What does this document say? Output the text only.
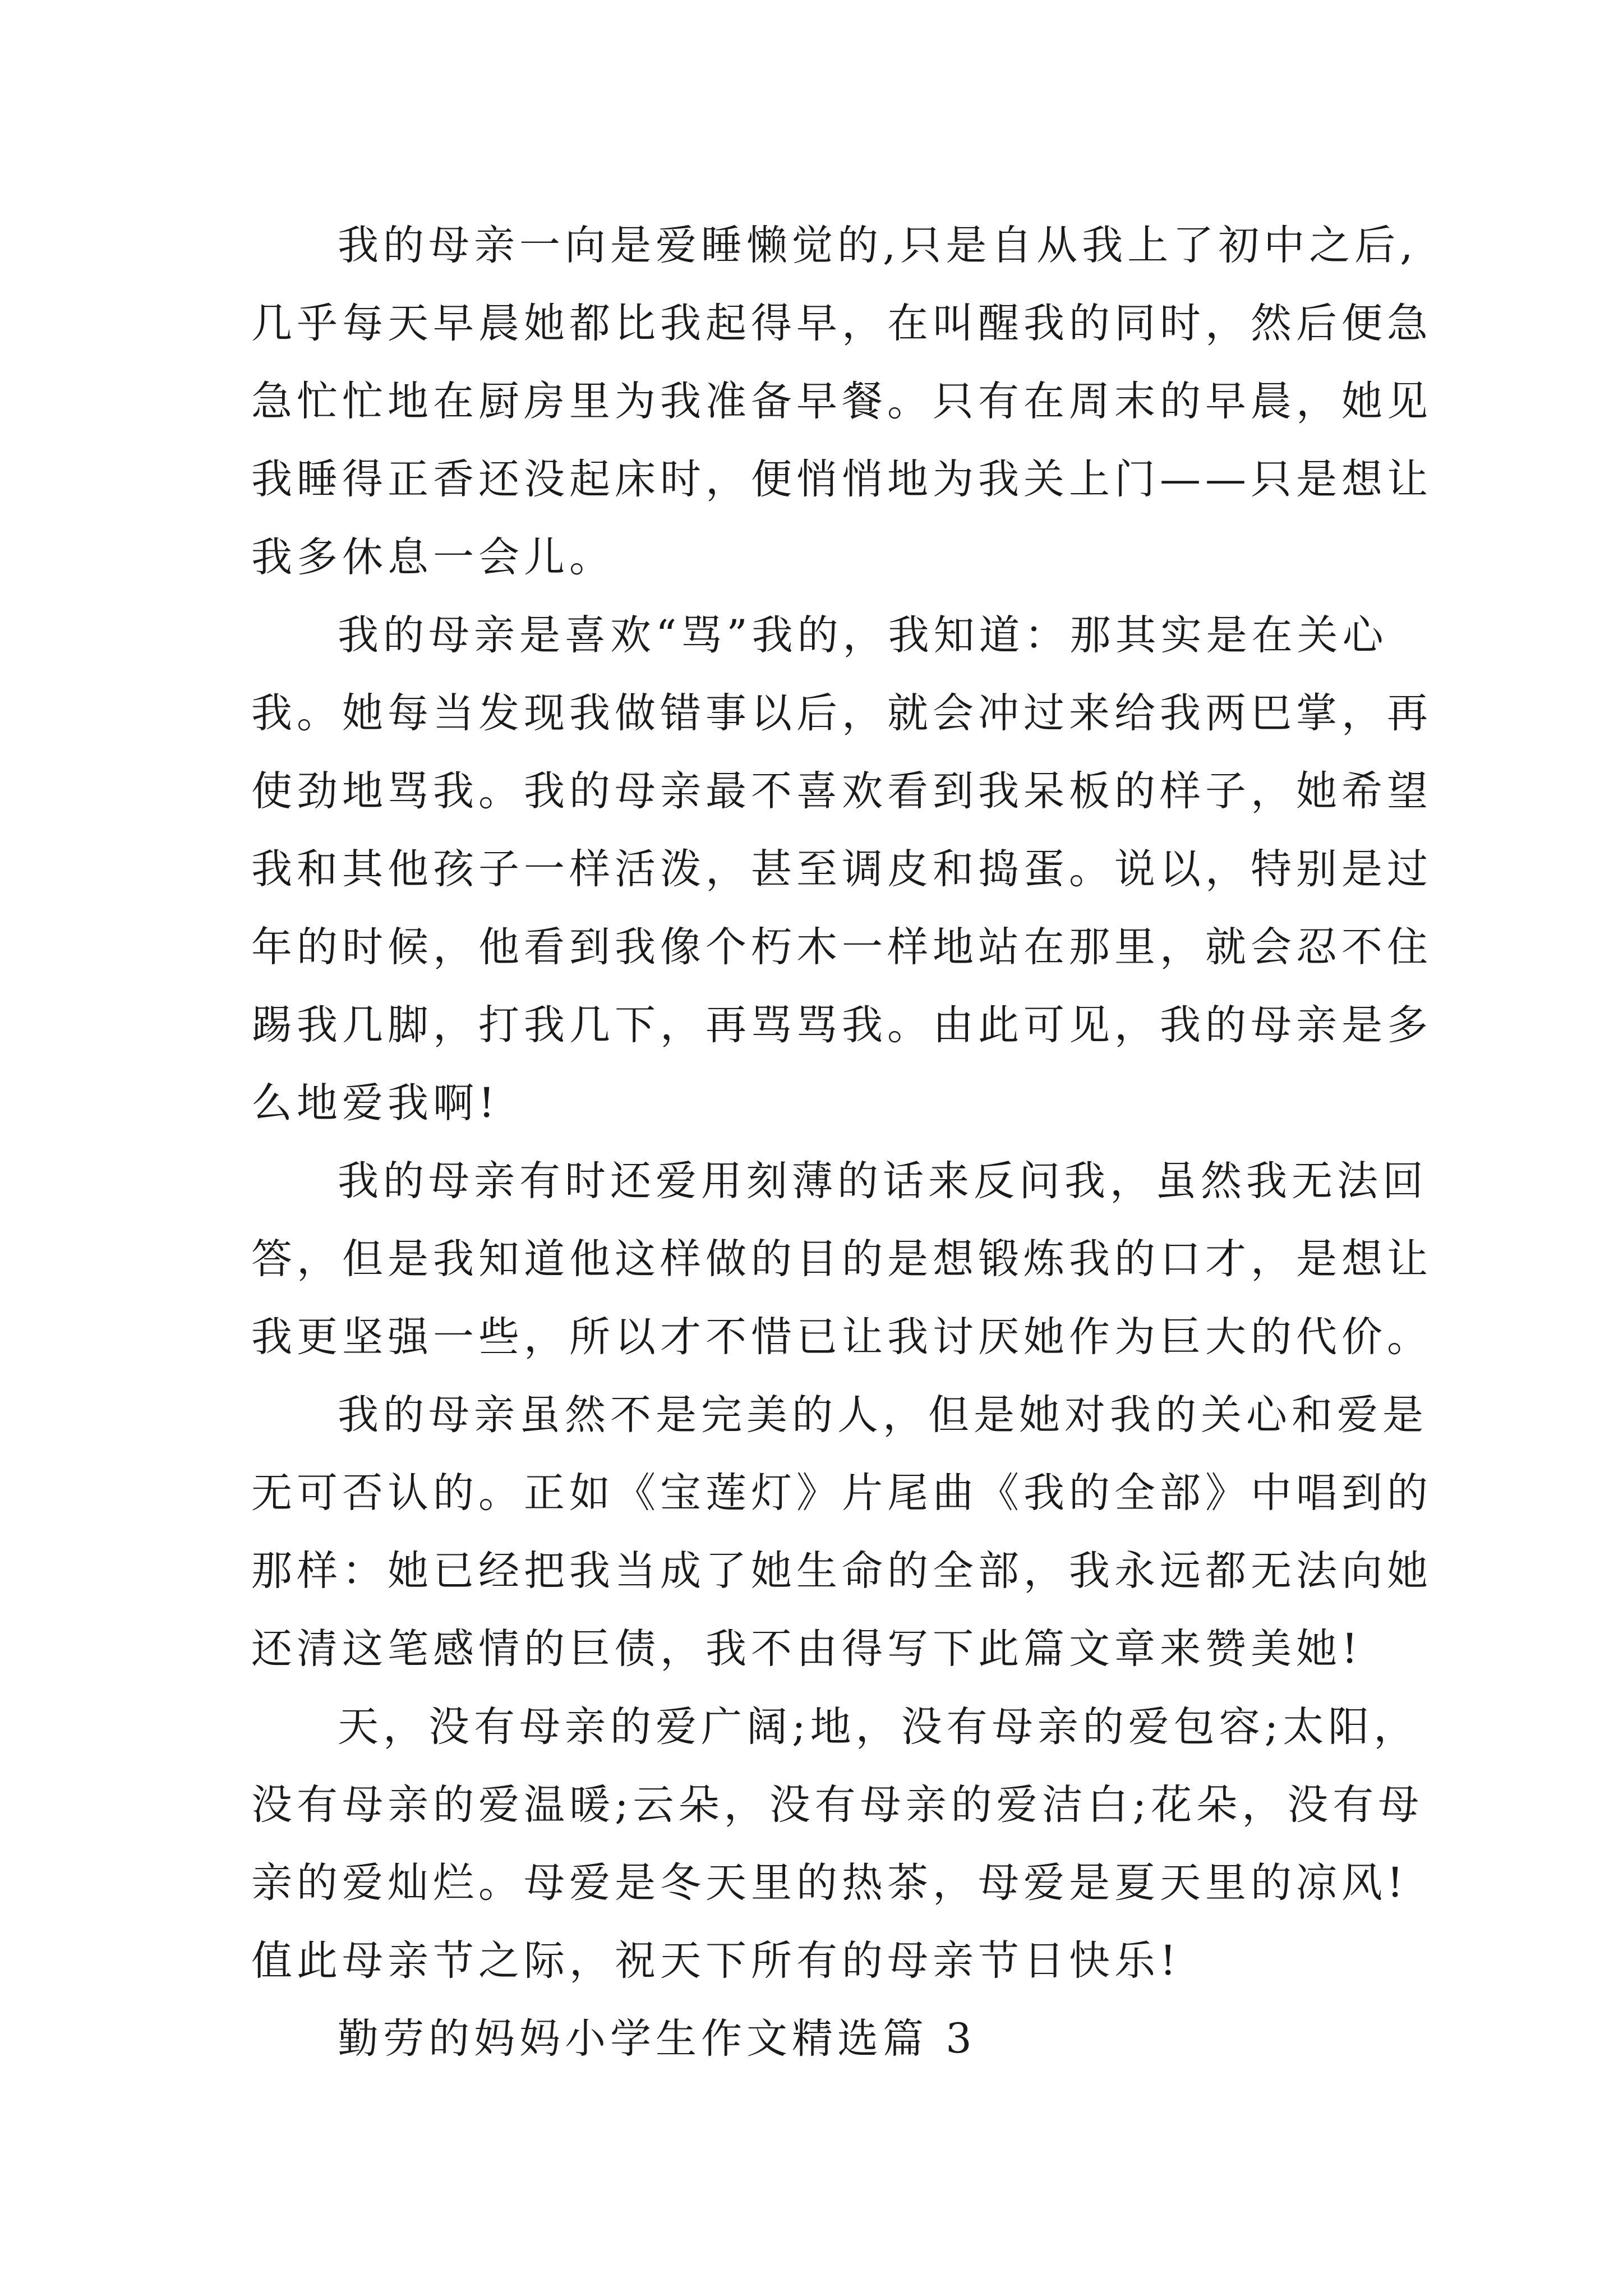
我的母亲一向是爱睡懒觉的,只是自从我上了初中之后,
几乎每天早晨她都比我起得早，在叫醒我的同时，然后便急
急忙忙地在厨房里为我准备早餐。只有在周末的早晨，她见
我睡得正香还没起床时，便悄悄地为我关上门——只是想让
我多休息一会儿。
我的母亲是喜欢“骂”我的，我知道：那其实是在关心
我。她每当发现我做错事以后，就会冲过来给我两巴掌，再
使劲地骂我。我的母亲最不喜欢看到我呆板的样子，她希望
我和其他孩子一样活泼，甚至调皮和捣蛋。说以，特别是过
年的时候，他看到我像个朽木一样地站在那里，就会忍不住
踢我几脚，打我几下，再骂骂我。由此可见，我的母亲是多
么地爱我啊!
我的母亲有时还爱用刻薄的话来反问我，虽然我无法回
答，但是我知道他这样做的目的是想锻炼我的口才，是想让
我更坚强一些，所以才不惜已让我讨厌她作为巨大的代价。
我的母亲虽然不是完美的人，但是她对我的关心和爱是
无可否认的。正如《宝莲灯》片尾曲《我的全部》中唱到的
那样：她已经把我当成了她生命的全部，我永远都无法向她
还清这笔感情的巨债，我不由得写下此篇文章来赞美她!
天，没有母亲的爱广阔;地，没有母亲的爱包容;太阳，
没有母亲的爱温暖;云朵，没有母亲的爱洁白;花朵，没有母
亲的爱灿烂。母爱是冬天里的热茶，母爱是夏天里的凉风!
值此母亲节之际，祝天下所有的母亲节日快乐!
勤劳的妈妈小学生作文精选篇 3
